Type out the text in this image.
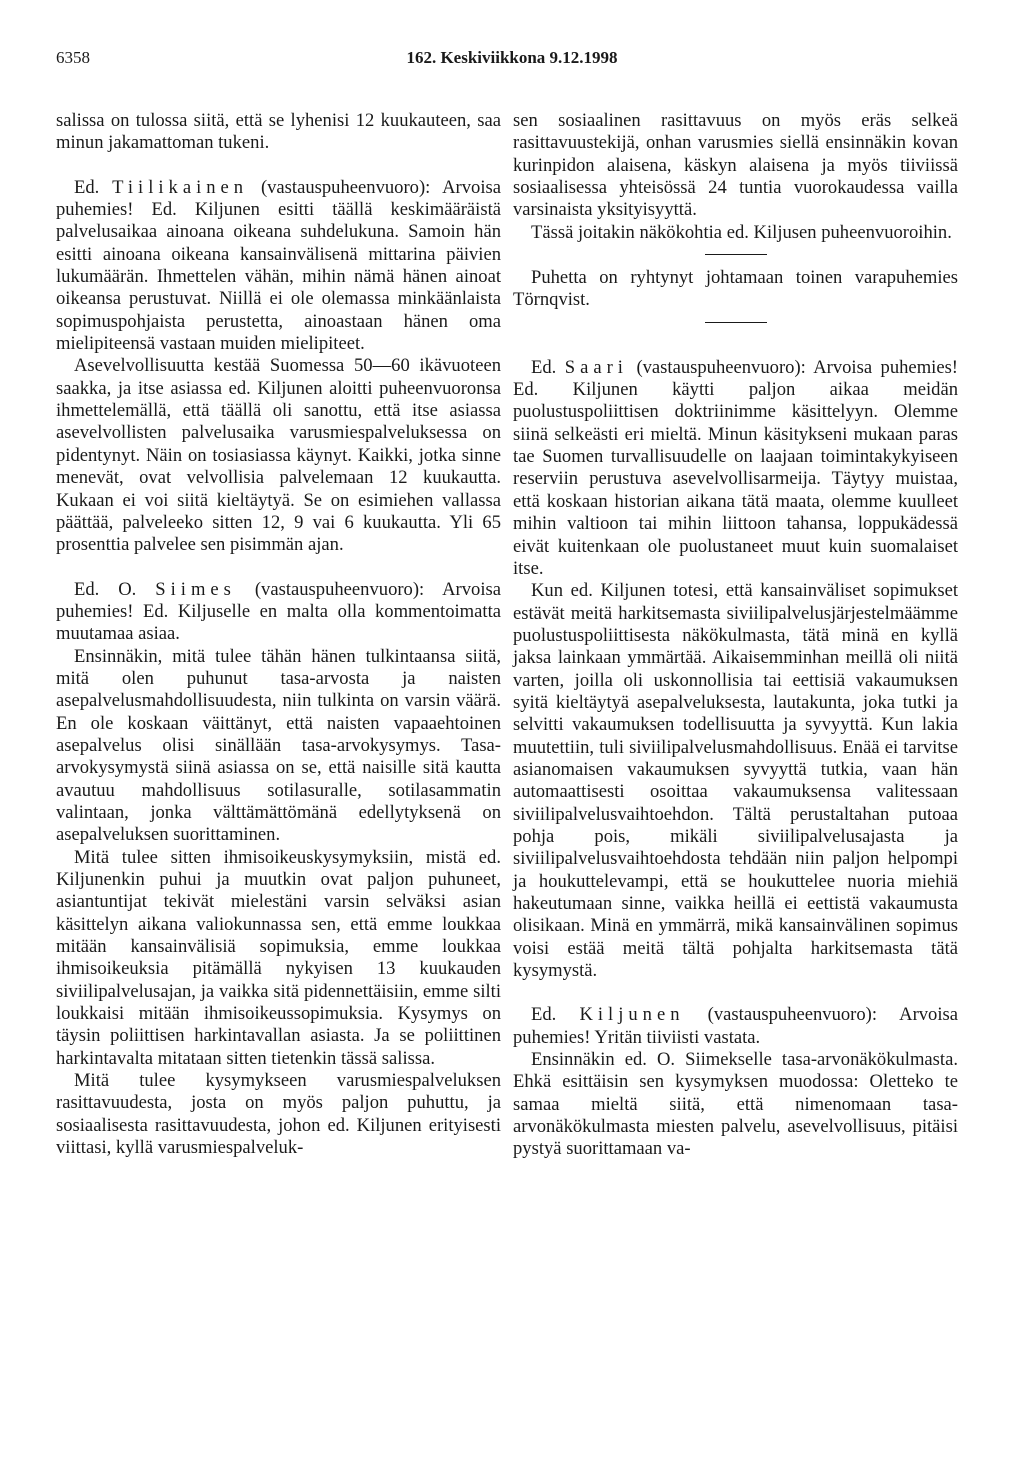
6358	162. Keskiviikkona 9.12.1998

salissa on tulossa siitä, että se lyhenisi 12 kuukauteen, saa minun jakamattoman tukeni.

Ed. Tiilikainen (vastauspuheenvuoro): Arvoisa puhemies! Ed. Kiljunen esitti täällä keskimääräistä palvelusaikaa ainoana oikeana suhdelukuna. Samoin hän esitti ainoana oikeana kansainvälisenä mittarina päivien lukumäärän. Ihmettelen vähän, mihin nämä hänen ainoat oikeansa perustuvat. Niillä ei ole olemassa minkäänlaista sopimuspohjaista perustetta, ainoastaan hänen oma mielipiteensä vastaan muiden mielipiteet.

Asevelvollisuutta kestää Suomessa 50—60 ikävuoteen saakka, ja itse asiassa ed. Kiljunen aloitti puheenvuoronsa ihmettelemällä, että täällä oli sanottu, että itse asiassa asevelvollisten palvelusaika varusmiespalveluksessa on pidentynyt. Näin on tosiasiassa käynyt. Kaikki, jotka sinne menevät, ovat velvollisia palvelemaan 12 kuukautta. Kukaan ei voi siitä kieltäytyä. Se on esimiehen vallassa päättää, palveleeko sitten 12, 9 vai 6 kuukautta. Yli 65 prosenttia palvelee sen pisimmän ajan.

Ed. O. Siimes (vastauspuheenvuoro): Arvoisa puhemies! Ed. Kiljuselle en malta olla kommentoimatta muutamaa asiaa.

Ensinnäkin, mitä tulee tähän hänen tulkintaansa siitä, mitä olen puhunut tasa-arvosta ja naisten asepalvelusmahdollisuudesta, niin tulkinta on varsin väärä. En ole koskaan väittänyt, että naisten vapaaehtoinen asepalvelus olisi sinällään tasa-arvokysymys. Tasa-arvokysymystä siinä asiassa on se, että naisille sitä kautta avautuu mahdollisuus sotilasuralle, sotilasammatin valintaan, jonka välttämättömänä edellytyksenä on asepalveluksen suorittaminen.

Mitä tulee sitten ihmisoikeuskysymyksiin, mistä ed. Kiljunenkin puhui ja muutkin ovat paljon puhuneet, asiantuntijat tekivät mielestäni varsin selväksi asian käsittelyn aikana valiokunnassa sen, että emme loukkaa mitään kansainvälisiä sopimuksia, emme loukkaa ihmisoikeuksia pitämällä nykyisen 13 kuukauden siviilipalvelusajan, ja vaikka sitä pidennettäisiin, emme silti loukkaisi mitään ihmisoikeussopimuksia. Kysymys on täysin poliittisen harkintavallan asiasta. Ja se poliittinen harkintavalta mitataan sitten tietenkin tässä salissa.

Mitä tulee kysymykseen varusmiespalveluksen rasittavuudesta, josta on myös paljon puhuttu, ja sosiaalisesta rasittavuudesta, johon ed. Kiljunen erityisesti viittasi, kyllä varusmiespalveluk-

sen sosiaalinen rasittavuus on myös eräs selkeä rasittavuustekijä, onhan varusmies siellä ensinnäkin kovan kurinpidon alaisena, käskyn alaisena ja myös tiiviissä sosiaalisessa yhteisössä 24 tuntia vuorokaudessa vailla varsinaista yksityisyyttä.

Tässä joitakin näkökohtia ed. Kiljusen puheenvuoroihin.

Puhetta on ryhtynyt johtamaan toinen varapuhemies Törnqvist.

Ed. Saari (vastauspuheenvuoro): Arvoisa puhemies! Ed. Kiljunen käytti paljon aikaa meidän puolustuspoliittisen doktriinimme käsittelyyn. Olemme siinä selkeästi eri mieltä. Minun käsitykseni mukaan paras tae Suomen turvallisuudelle on laajaan toimintakykyiseen reserviin perustuva asevelvollisarmeija. Täytyy muistaa, että koskaan historian aikana tätä maata, olemme kuulleet mihin valtioon tai mihin liittoon tahansa, loppukädessä eivät kuitenkaan ole puolustaneet muut kuin suomalaiset itse.

Kun ed. Kiljunen totesi, että kansainväliset sopimukset estävät meitä harkitsemasta siviilipalvelusjärjestelmäämme puolustuspoliittisesta näkökulmasta, tätä minä en kyllä jaksa lainkaan ymmärtää. Aikaisemminhan meillä oli niitä varten, joilla oli uskonnollisia tai eettisiä vakaumuksen syitä kieltäytyä asepalveluksesta, lautakunta, joka tutki ja selvitti vakaumuksen todellisuutta ja syvyyttä. Kun lakia muutettiin, tuli siviilipalvelusmahdollisuus. Enää ei tarvitse asianomaisen vakaumuksen syvyyttä tutkia, vaan hän automaattisesti osoittaa vakaumuksensa valitessaan siviilipalvelusvaihtoehdon. Tältä perustaltahan putoaa pohja pois, mikäli siviilipalvelusajasta ja siviilipalvelusvaihtoehdosta tehdään niin paljon helpompi ja houkuttelevampi, että se houkuttelee nuoria miehiä hakeutumaan sinne, vaikka heillä ei eettistä vakaumusta olisikaan. Minä en ymmärrä, mikä kansainvälinen sopimus voisi estää meitä tältä pohjalta harkitsemasta tätä kysymystä.

Ed. Kiljunen (vastauspuheenvuoro): Arvoisa puhemies! Yritän tiiviisti vastata.

Ensinnäkin ed. O. Siimekselle tasa-arvonäkökulmasta. Ehkä esittäisin sen kysymyksen muodossa: Oletteko te samaa mieltä siitä, että nimenomaan tasa-arvonäkökulmasta miesten palvelu, asevelvollisuus, pitäisi pystyä suorittamaan va-
